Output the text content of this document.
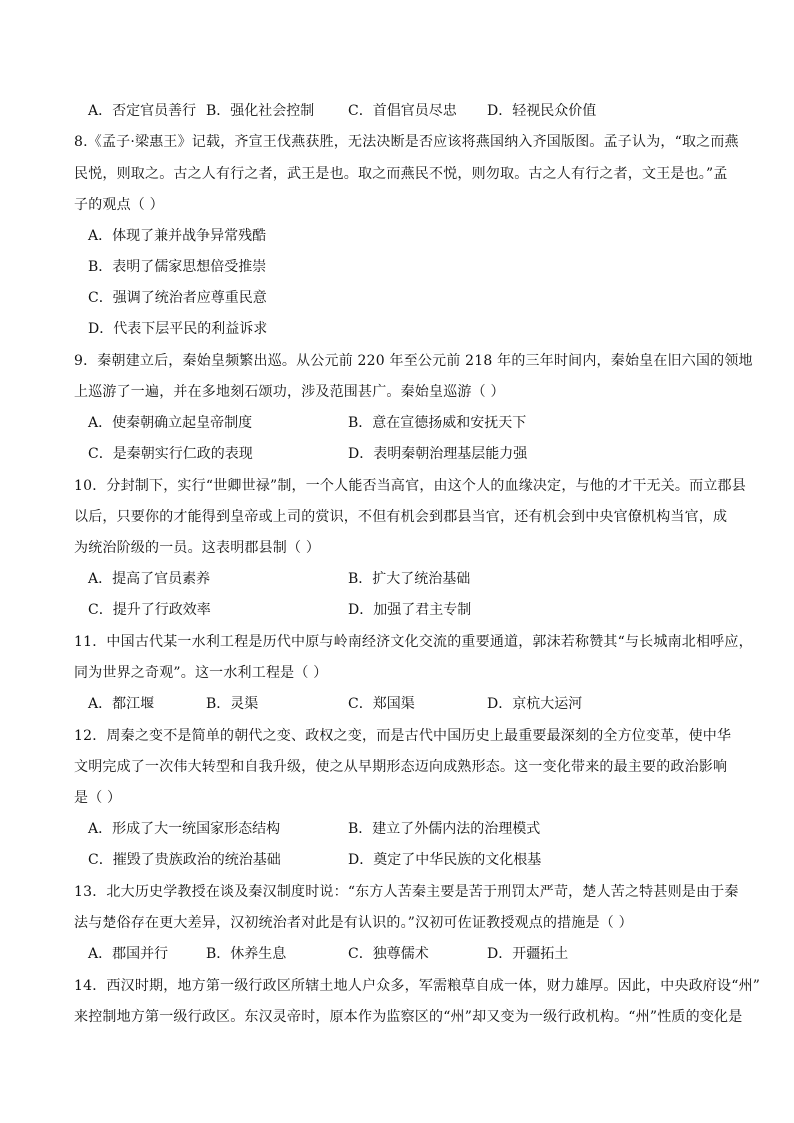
A．否定官员善行 B．强化社会控制 C．首倡官员尽忠 D．轻视民众价值
8.《孟子·梁惠王》记载，齐宣王伐燕获胜，无法决断是否应该将燕国纳入齐国版图。孟子认为，“取之而燕
民悦，则取之。古之人有行之者，武王是也。取之而燕民不悦，则勿取。古之人有行之者，文王是也。”孟
子的观点（ ）
A．体现了兼并战争异常残酷
B．表明了儒家思想倍受推崇
C．强调了统治者应尊重民意
D．代表下层平民的利益诉求
9．秦朝建立后，秦始皇频繁出巡。从公元前 220 年至公元前 218 年的三年时间内，秦始皇在旧六国的领地
上巡游了一遍，并在多地刻石颂功，涉及范围甚广。秦始皇巡游（ ）
A．使秦朝确立起皇帝制度	B．意在宣德扬威和安抚天下
C．是秦朝实行仁政的表现	D．表明秦朝治理基层能力强
10．分封制下，实行“世卿世禄”制，一个人能否当高官，由这个人的血缘决定，与他的才干无关。而立郡县
以后，只要你的才能得到皇帝或上司的赏识，不但有机会到郡县当官，还有机会到中央官僚机构当官，成
为统治阶级的一员。这表明郡县制（ ）
A．提高了官员素养	B．扩大了统治基础
C．提升了行政效率	D．加强了君主专制
11．中国古代某一水利工程是历代中原与岭南经济文化交流的重要通道，郭沫若称赞其“与长城南北相呼应，
同为世界之奇观”。这一水利工程是（ ）
A．都江堰	B．灵渠	C．郑国渠	D．京杭大运河
12．周秦之变不是简单的朝代之变、政权之变，而是古代中国历史上最重要最深刻的全方位变革，使中华
文明完成了一次伟大转型和自我升级，使之从早期形态迈向成熟形态。这一变化带来的最主要的政治影响
是（ ）
A．形成了大一统国家形态结构	B．建立了外儒内法的治理模式
C．摧毁了贵族政治的统治基础	D．奠定了中华民族的文化根基
13．北大历史学教授在谈及秦汉制度时说：“东方人苦秦主要是苦于刑罚太严苛，楚人苦之特甚则是由于秦
法与楚俗存在更大差异，汉初统治者对此是有认识的。”汉初可佐证教授观点的措施是（ ）
A．郡国并行	B．休养生息	C．独尊儒术	D．开疆拓土
14．西汉时期，地方第一级行政区所辖土地人户众多，军需粮草自成一体，财力雄厚。因此，中央政府设“州”
来控制地方第一级行政区。东汉灵帝时，原本作为监察区的“州”却又变为一级行政机构。“州”性质的变化是
